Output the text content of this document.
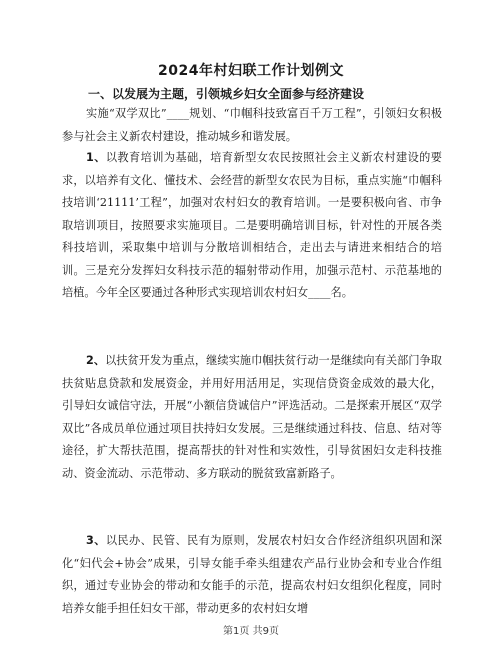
2024年村妇联工作计划例文
一、以发展为主题，引领城乡妇女全面参与经济建设

实施“双学双比”____规划、“巾帼科技致富百千万工程”，引领妇女积极参与社会主义新农村建设，推动城乡和谐发展。

1、以教育培训为基础，培育新型女农民按照社会主义新农村建设的要求，以培养有文化、懂技术、会经营的新型女农民为目标，重点实施“巾帼科技培训‘21111’工程”，加强对农村妇女的教育培训。一是要积极向省、市争取培训项目，按照要求实施项目。二是要明确培训目标，针对性的开展各类科技培训，采取集中培训与分散培训相结合，走出去与请进来相结合的培训。三是充分发挥妇女科技示范的辐射带动作用，加强示范村、示范基地的培植。今年全区要通过各种形式实现培训农村妇女____名。

2、以扶贫开发为重点，继续实施巾帼扶贫行动一是继续向有关部门争取扶贫贴息贷款和发展资金，并用好用活用足，实现信贷资金成效的最大化，引导妇女诚信守法，开展“小额信贷诚信户”评选活动。二是探索开展区“双学双比”各成员单位通过项目扶持妇女发展。三是继续通过科技、信息、结对等途径，扩大帮扶范围，提高帮扶的针对性和实效性，引导贫困妇女走科技推动、资金流动、示范带动、多方联动的脱贫致富新路子。

3、以民办、民管、民有为原则，发展农村妇女合作经济组织巩固和深化“妇代会+协会”成果，引导女能手牵头组建农产品行业协会和专业合作组织，通过专业协会的带动和女能手的示范，提高农村妇女组织化程度，同时培养女能手担任妇女干部，带动更多的农村妇女增

第1页 共9页
